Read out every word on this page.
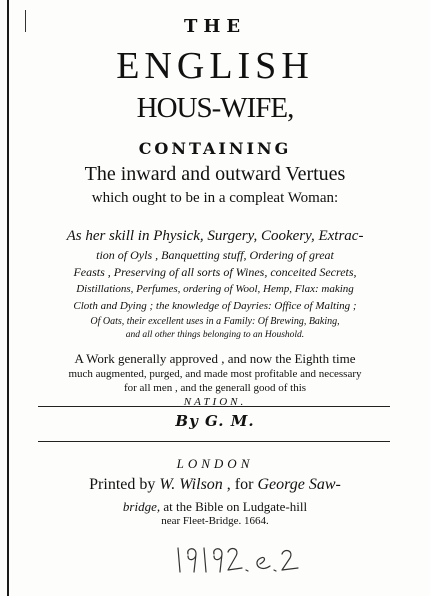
THE
ENGLISH
HOUS-WIFE,
CONTAINING
The inward and outward Vertues
which ought to be in a compleat Woman:
As her skill in Physick, Surgery, Cookery, Extrac-
tion of Oyls , Banquetting stuff, Ordering of great
Feasts , Preserving of all sorts of Wines, conceited Secrets,
Distillations, Perfumes, ordering of Wool, Hemp, Flax: making
Cloth and Dying ; the knowledge of Dayries: Office of Malting ;
Of Oats, their excellent uses in a Family: Of Brewing, Baking,
and all other things belonging to an Houshold.
A Work generally approved , and now the Eighth time
much augmented, purged, and made most profitable and necessary
for all men , and the generall good of this
NATION.
By G. M.
LONDON
Printed by W. Wilson , for George Saw-
bridge, at the Bible on Ludgate-hill
near Fleet-Bridge. 1664.
